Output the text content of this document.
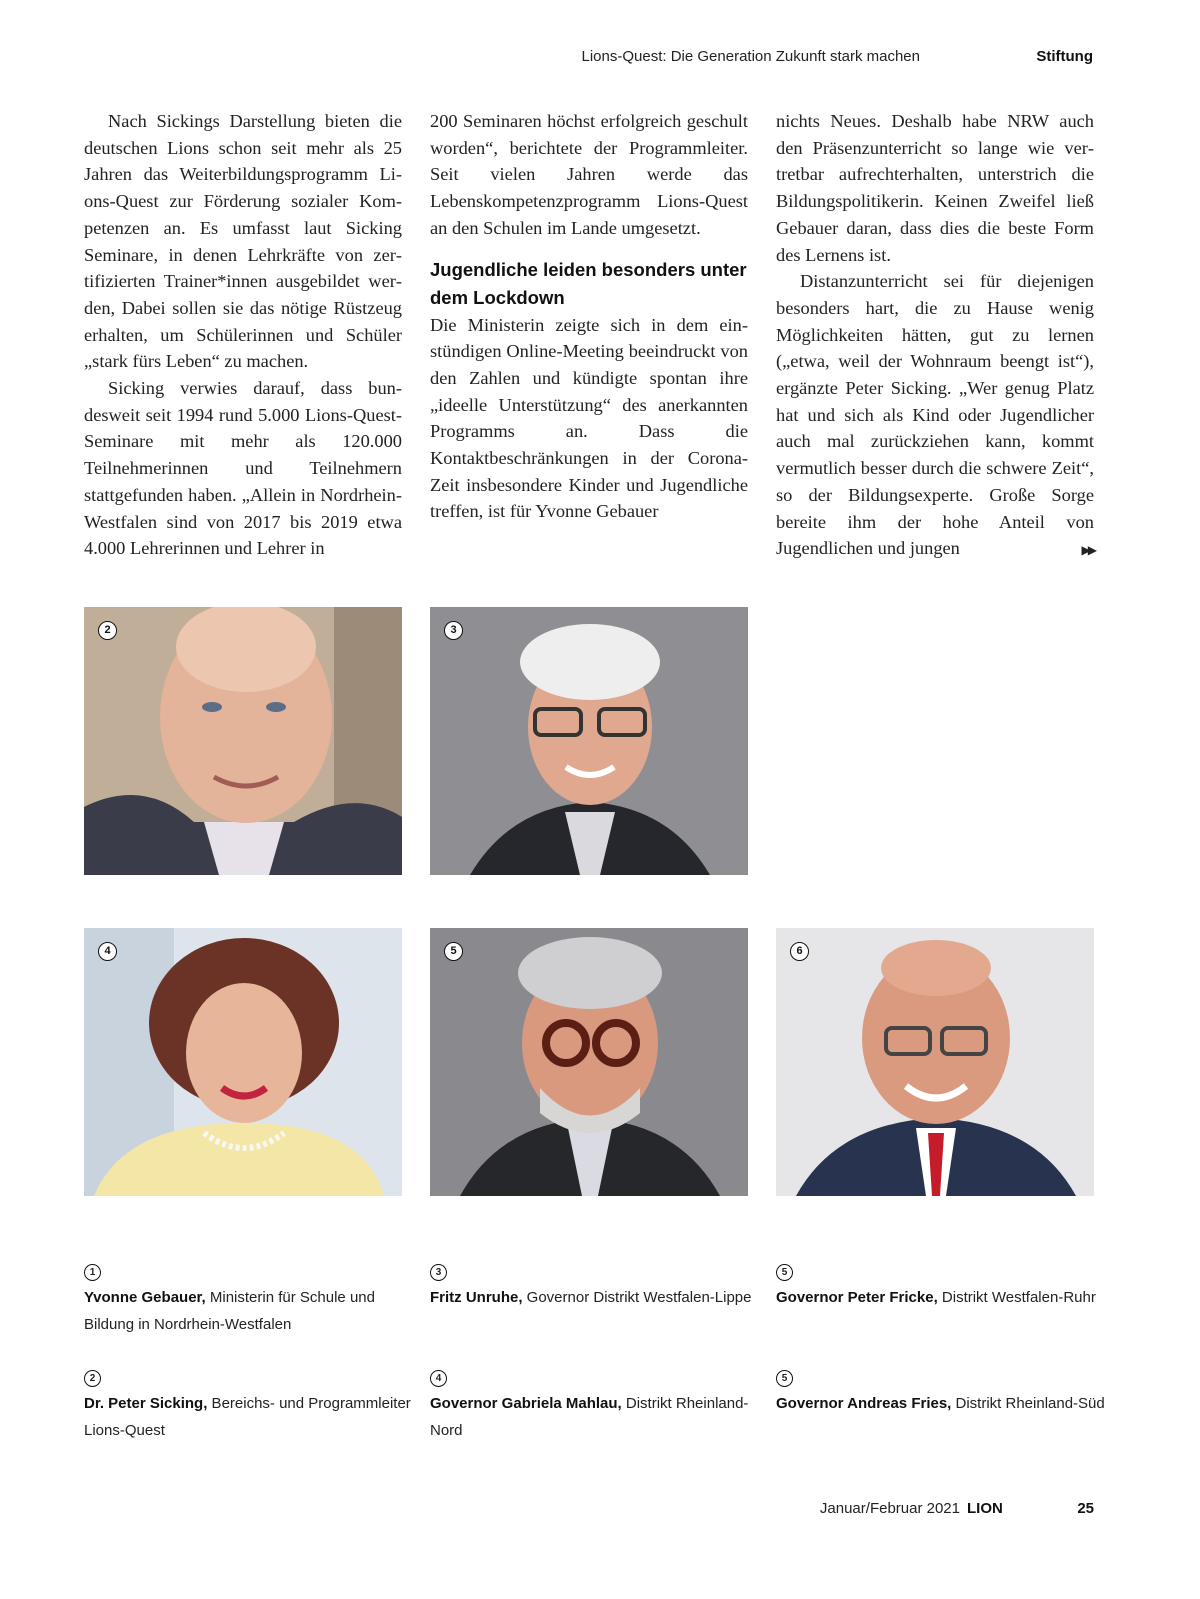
Lions-Quest: Die Generation Zukunft stark machen	Stiftung

Nach Sickings Darstellung bieten die deutschen Lions schon seit mehr als 25 Jahren das Weiterbildungsprogramm Lions-Quest zur Förderung sozialer Kompetenzen an. Es umfasst laut Sicking Seminare, in denen Lehrkräfte von zertifizierten Trainer*innen ausgebildet werden, Dabei sollen sie das nötige Rüstzeug erhalten, um Schülerinnen und Schüler „stark fürs Leben“ zu machen.

Sicking verwies darauf, dass bundesweit seit 1994 rund 5.000 Lions-Quest-Seminare mit mehr als 120.000 Teilnehmerinnen und Teilnehmern stattgefunden haben. „Allein in Nordrhein-Westfalen sind von 2017 bis 2019 etwa 4.000 Lehrerinnen und Lehrer in

200 Seminaren höchst erfolgreich geschult worden“, berichtete der Programmleiter. Seit vielen Jahren werde das Lebenskompetenzprogramm Lions-Quest an den Schulen im Lande umgesetzt.

Jugendliche leiden besonders unter dem Lockdown

Die Ministerin zeigte sich in dem einstündigen Online-Meeting beeindruckt von den Zahlen und kündigte spontan ihre „ideelle Unterstützung“ des anerkannten Programms an. Dass die Kontaktbeschränkungen in der Corona-Zeit insbesondere Kinder und Jugendliche treffen, ist für Yvonne Gebauer

nichts Neues. Deshalb habe NRW auch den Präsenzunterricht so lange wie vertretbar aufrechterhalten, unterstrich die Bildungspolitikerin. Keinen Zweifel ließ Gebauer daran, dass dies die beste Form des Lernens ist.

Distanzunterricht sei für diejenigen besonders hart, die zu Hause wenig Möglichkeiten hätten, gut zu lernen („etwa, weil der Wohnraum beengt ist“), ergänzte Peter Sicking. „Wer genug Platz hat und sich als Kind oder Jugendlicher auch mal zurückziehen kann, kommt vermutlich besser durch die schwere Zeit“, so der Bildungsexperte. Große Sorge bereite ihm der hohe Anteil von Jugendlichen und jungen	▶▶

2	3
4	5	6
1
Yvonne Gebauer, Ministerin für Schule und Bildung in Nordrhein-Westfalen
2
Dr. Peter Sicking, Bereichs- und Programmleiter Lions-Quest
3
Fritz Unruhe, Governor Distrikt Westfalen-Lippe
4
Governor Gabriela Mahlau, Distrikt Rheinland-Nord
5
Governor Peter Fricke, Distrikt Westfalen-Ruhr
5
Governor Andreas Fries, Distrikt Rheinland-Süd
Januar/Februar 2021 LION	25
